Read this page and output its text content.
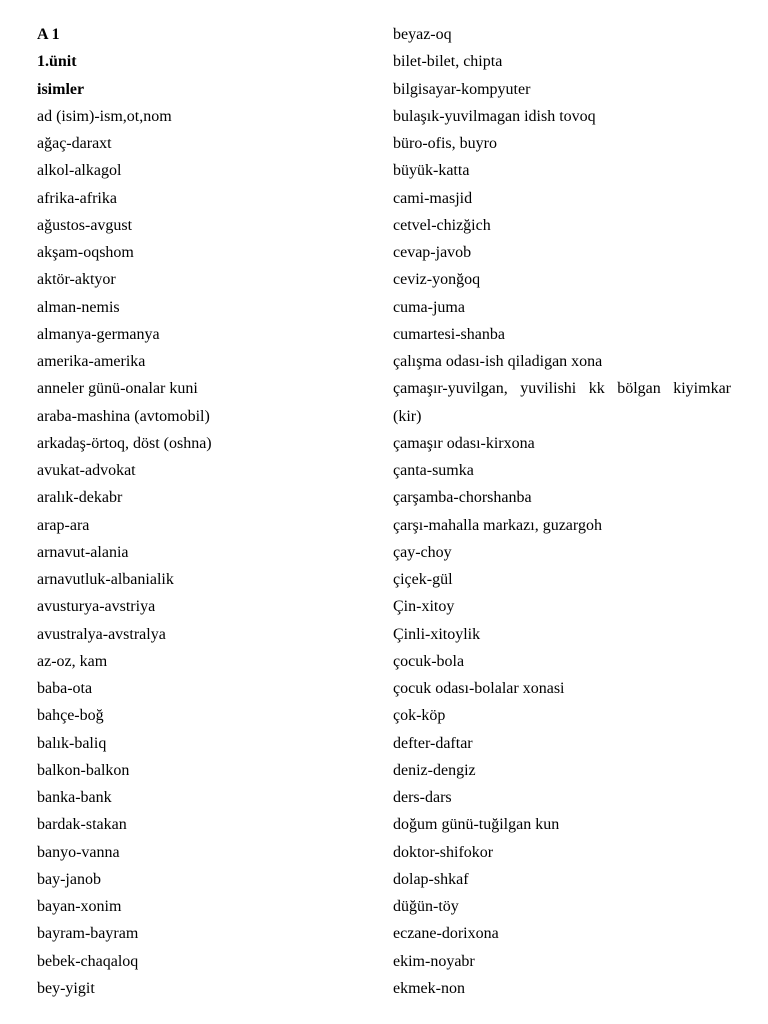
A 1
1.ünit
isimler
ad (isim)-ism,ot,nom
ağaç-daraxt
alkol-alkagol
afrika-afrika
ağustos-avgust
akşam-oqshom
aktör-aktyor
alman-nemis
almanya-germanya
amerika-amerika
anneler günü-onalar kuni
araba-mashina (avtomobil)
arkadaş-örtoq, döst (oshna)
avukat-advokat
aralık-dekabr
arap-ara
arnavut-alania
arnavutluk-albanialik
avusturya-avstriya
avustralya-avstralya
az-oz, kam
baba-ota
bahçe-boğ
balık-baliq
balkon-balkon
banka-bank
bardak-stakan
banyo-vanna
bay-janob
bayan-xonim
bayram-bayram
bebek-chaqaloq
bey-yigit
beyaz-oq
bilet-bilet, chipta
bilgisayar-kompyuter
bulaşık-yuvilmagan idish tovoq
büro-ofis, buyro
büyük-katta
cami-masjid
cetvel-chizğich
cevap-javob
ceviz-yonğoq
cuma-juma
cumartesi-shanba
çalışma odası-ish qiladigan xona
çamaşır-yuvilgan, yuvilishi kk bölgan kiyimkar
(kir)
çamaşır odası-kirxona
çanta-sumka
çarşamba-chorshanba
çarşı-mahalla markazı, guzargoh
çay-choy
çiçek-gül
Çin-xitoy
Çinli-xitoylik
çocuk-bola
çocuk odası-bolalar xonasi
çok-köp
defter-daftar
deniz-dengiz
ders-dars
doğum günü-tuğilgan kun
doktor-shifokor
dolap-shkaf
düğün-töy
eczane-dorixona
ekim-noyabr
ekmek-non
